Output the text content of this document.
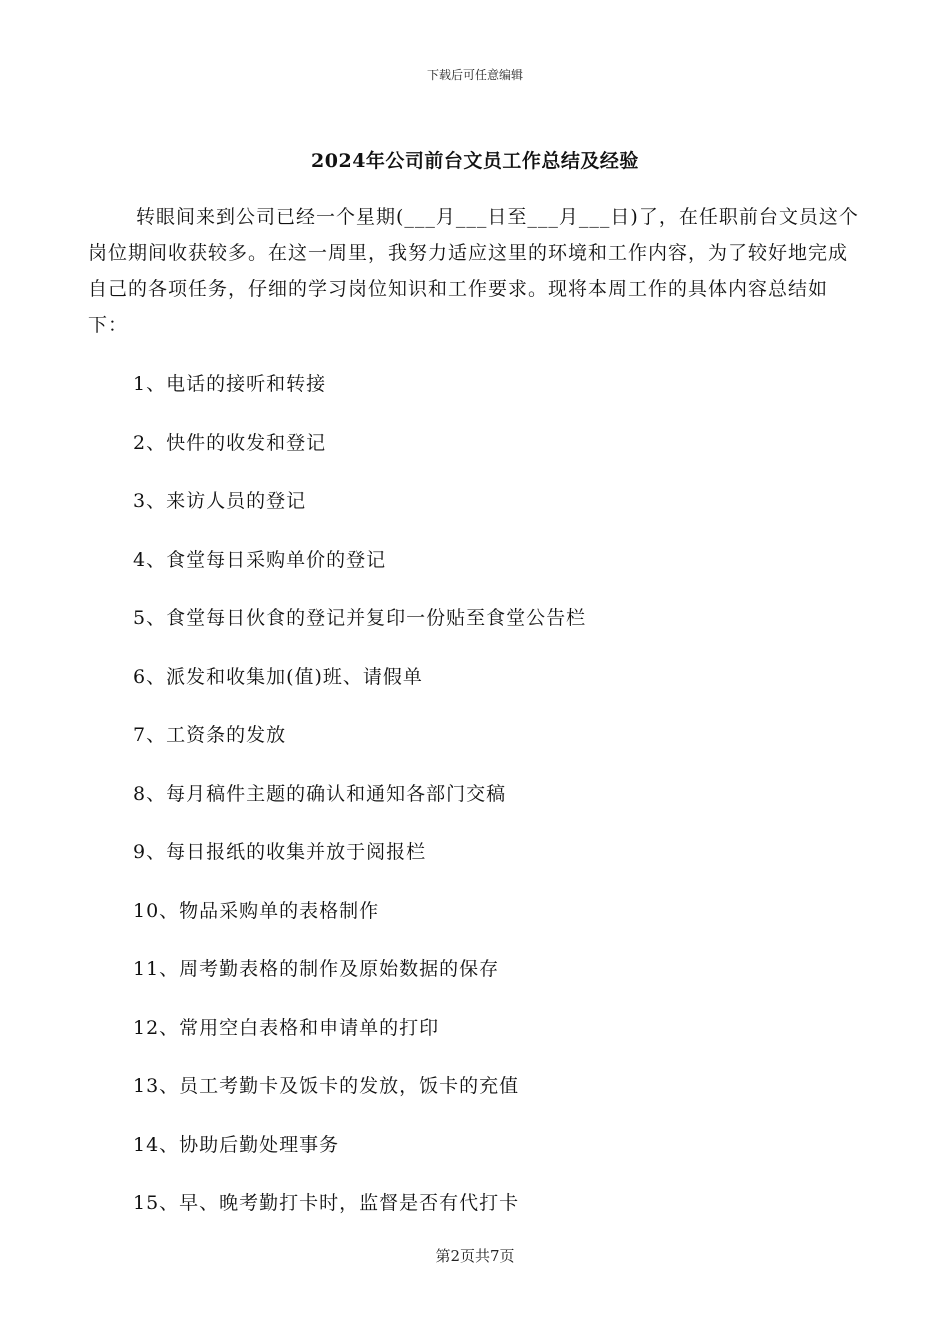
下载后可任意编辑
2024年公司前台文员工作总结及经验

转眼间来到公司已经一个星期(___月___日至___月___日)了，在任职前台文员这个岗位期间收获较多。在这一周里，我努力适应这里的环境和工作内容，为了较好地完成自己的各项任务，仔细的学习岗位知识和工作要求。现将本周工作的具体内容总结如下：

1、电话的接听和转接
2、快件的收发和登记
3、来访人员的登记
4、食堂每日采购单价的登记
5、食堂每日伙食的登记并复印一份贴至食堂公告栏
6、派发和收集加(值)班、请假单
7、工资条的发放
8、每月稿件主题的确认和通知各部门交稿
9、每日报纸的收集并放于阅报栏
10、物品采购单的表格制作
11、周考勤表格的制作及原始数据的保存
12、常用空白表格和申请单的打印
13、员工考勤卡及饭卡的发放，饭卡的充值
14、协助后勤处理事务
15、早、晚考勤打卡时，监督是否有代打卡
第2页共7页
